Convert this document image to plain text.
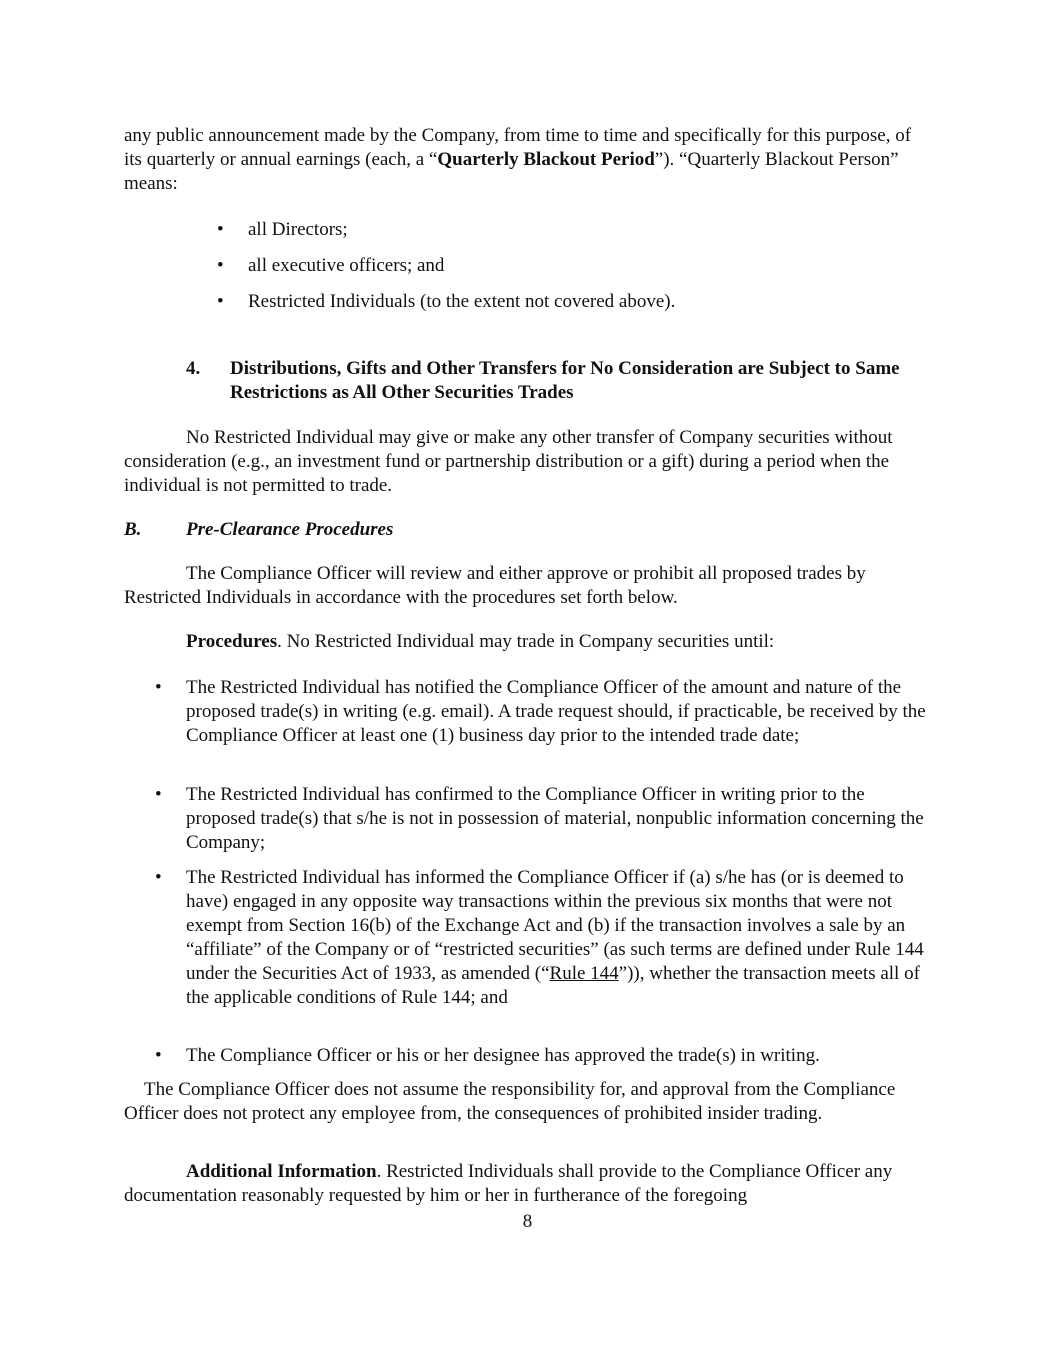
any public announcement made by the Company, from time to time and specifically for this purpose, of its quarterly or annual earnings (each, a “Quarterly Blackout Period”). “Quarterly Blackout Person” means:

• all Directors;
• all executive officers; and
• Restricted Individuals (to the extent not covered above).
4. Distributions, Gifts and Other Transfers for No Consideration are Subject to Same Restrictions as All Other Securities Trades

No Restricted Individual may give or make any other transfer of Company securities without consideration (e.g., an investment fund or partnership distribution or a gift) during a period when the individual is not permitted to trade.

B. Pre-Clearance Procedures

The Compliance Officer will review and either approve or prohibit all proposed trades by Restricted Individuals in accordance with the procedures set forth below.

Procedures. No Restricted Individual may trade in Company securities until:

• The Restricted Individual has notified the Compliance Officer of the amount and nature of the proposed trade(s) in writing (e.g. email). A trade request should, if practicable, be received by the Compliance Officer at least one (1) business day prior to the intended trade date;
• The Restricted Individual has confirmed to the Compliance Officer in writing prior to the proposed trade(s) that s/he is not in possession of material, nonpublic information concerning the Company;
• The Restricted Individual has informed the Compliance Officer if (a) s/he has (or is deemed to have) engaged in any opposite way transactions within the previous six months that were not exempt from Section 16(b) of the Exchange Act and (b) if the transaction involves a sale by an “affiliate” of the Company or of “restricted securities” (as such terms are defined under Rule 144 under the Securities Act of 1933, as amended (“Rule 144”)), whether the transaction meets all of the applicable conditions of Rule 144; and
• The Compliance Officer or his or her designee has approved the trade(s) in writing.

The Compliance Officer does not assume the responsibility for, and approval from the Compliance Officer does not protect any employee from, the consequences of prohibited insider trading.

Additional Information. Restricted Individuals shall provide to the Compliance Officer any documentation reasonably requested by him or her in furtherance of the foregoing

8
